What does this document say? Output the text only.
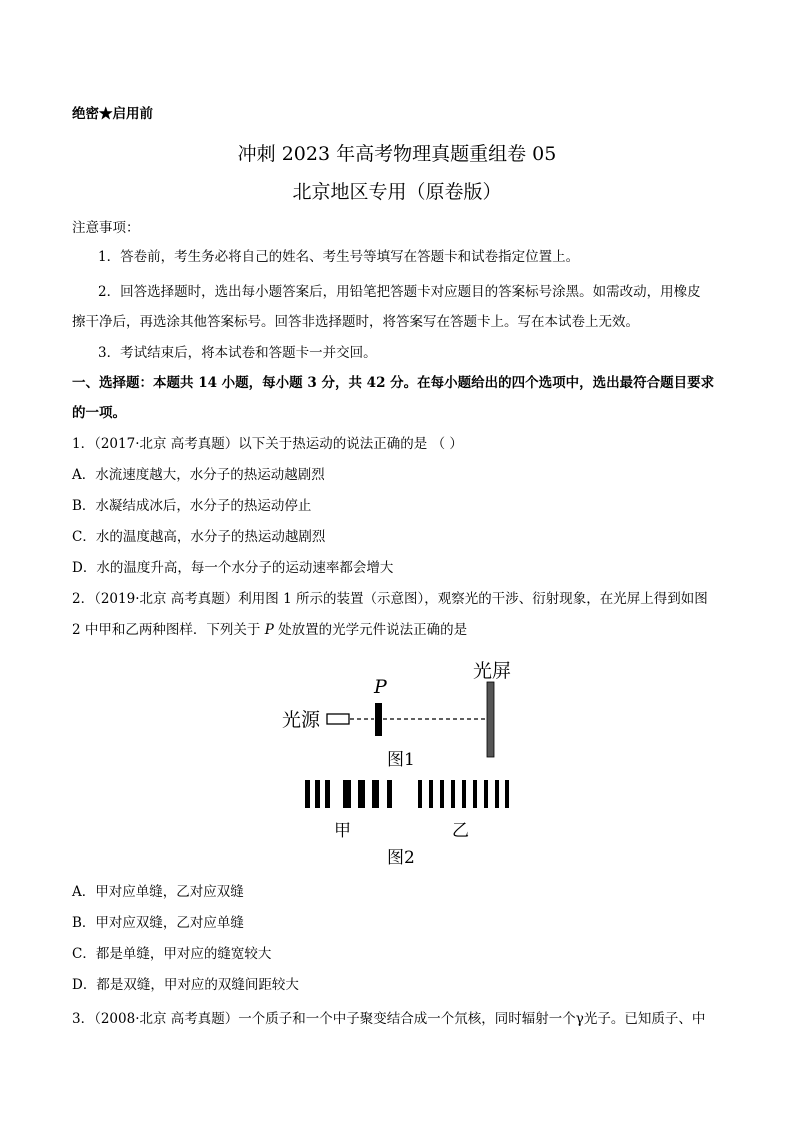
绝密★启用前
冲刺 2023 年高考物理真题重组卷 05
北京地区专用（原卷版）
注意事项：
1．答卷前，考生务必将自己的姓名、考生号等填写在答题卡和试卷指定位置上。
2．回答选择题时，选出每小题答案后，用铅笔把答题卡对应题目的答案标号涂黑。如需改动，用橡皮
擦干净后，再选涂其他答案标号。回答非选择题时，将答案写在答题卡上。写在本试卷上无效。
3．考试结束后，将本试卷和答题卡一并交回。
一、选择题：本题共 14 小题，每小题 3 分，共 42 分。在每小题给出的四个选项中，选出最符合题目要求
的一项。
1．（2017·北京 高考真题）以下关于热运动的说法正确的是 （ ）
A．水流速度越大，水分子的热运动越剧烈
B．水凝结成冰后，水分子的热运动停止
C．水的温度越高，水分子的热运动越剧烈
D．水的温度升高，每一个水分子的运动速率都会增大
2．（2019·北京 高考真题）利用图 1 所示的装置（示意图），观察光的干涉、衍射现象，在光屏上得到如图
2 中甲和乙两种图样．下列关于 P 处放置的光学元件说法正确的是
光屏
P
光源
图1
甲	乙
图2
A．甲对应单缝，乙对应双缝
B．甲对应双缝，乙对应单缝
C．都是单缝，甲对应的缝宽较大
D．都是双缝，甲对应的双缝间距较大
3．（2008·北京 高考真题）一个质子和一个中子聚变结合成一个氘核，同时辐射一个γ光子。已知质子、中
